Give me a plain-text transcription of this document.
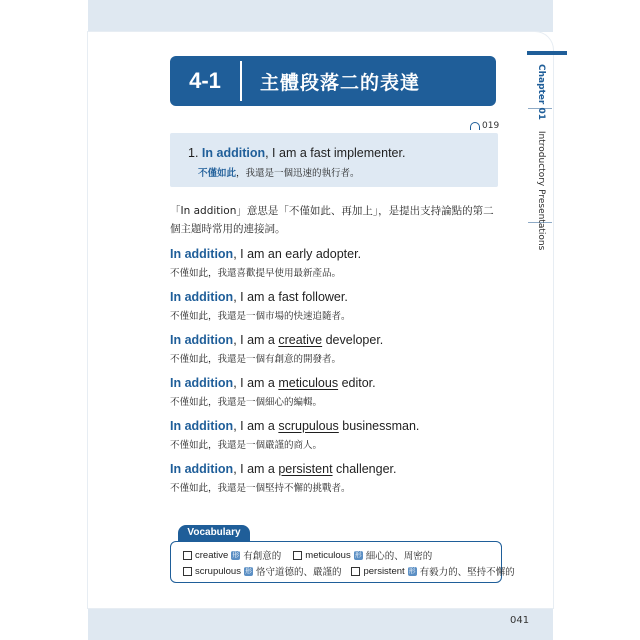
Chapter 01 Introductory Presentations
4-1	主體段落二的表達
019
1. In addition, I am a fast implementer.
不僅如此，我還是一個迅速的執行者。
「In addition」意思是「不僅如此、再加上」，是提出支持論點的第二個主題時常用的連接詞。
In addition, I am an early adopter.
不僅如此，我還喜歡提早使用最新產品。
In addition, I am a fast follower.
不僅如此，我還是一個市場的快速追隨者。
In addition, I am a creative developer.
不僅如此，我還是一個有創意的開發者。
In addition, I am a meticulous editor.
不僅如此，我還是一個細心的編輯。
In addition, I am a scrupulous businessman.
不僅如此，我還是一個嚴謹的商人。
In addition, I am a persistent challenger.
不僅如此，我還是一個堅持不懈的挑戰者。
Vocabulary
creative 形 有創意的	meticulous 形 細心的、周密的
scrupulous 形 恪守道德的、嚴謹的 persistent 形 有毅力的、堅持不懈的
041
